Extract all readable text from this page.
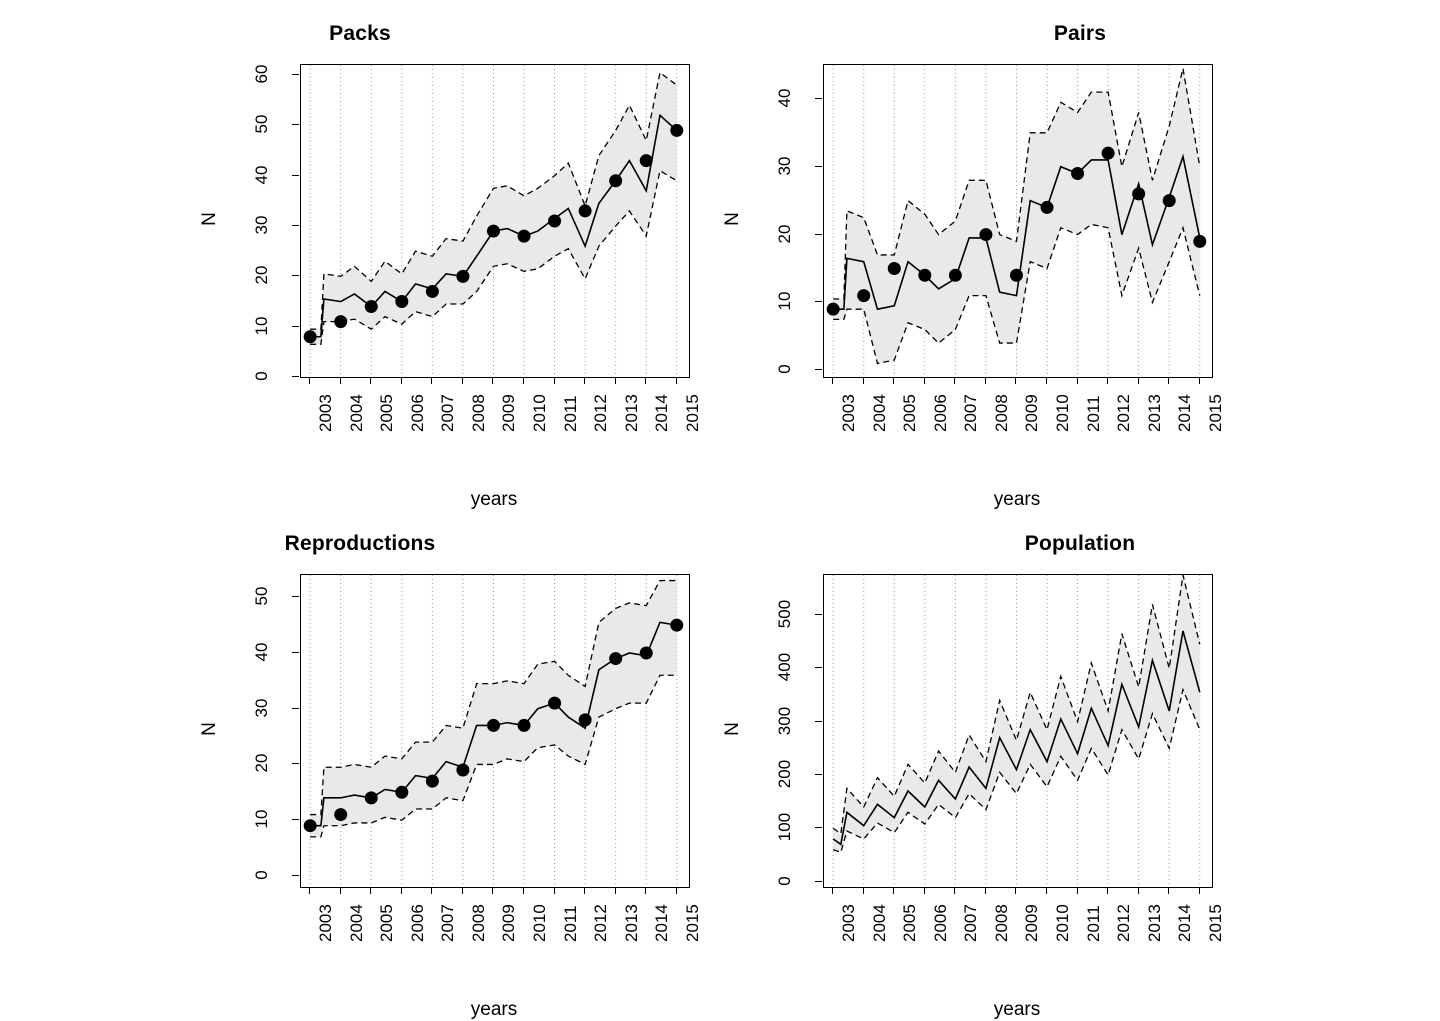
Packs
0
10
20
30
40
50
60
2003 2004 2005 2006 2007 2008 2009 2010 2011 2012 2013 2014 2015
N
years
Pairs
0
10
20
30
40
2003 2004 2005 2006 2007 2008 2009 2010 2011 2012 2013 2014 2015
N
years
Reproductions
0
10
20
30
40
50
2003 2004 2005 2006 2007 2008 2009 2010 2011 2012 2013 2014 2015
N
years
Population
0
100
200
300
400
500
2003 2004 2005 2006 2007 2008 2009 2010 2011 2012 2013 2014 2015
N
years
